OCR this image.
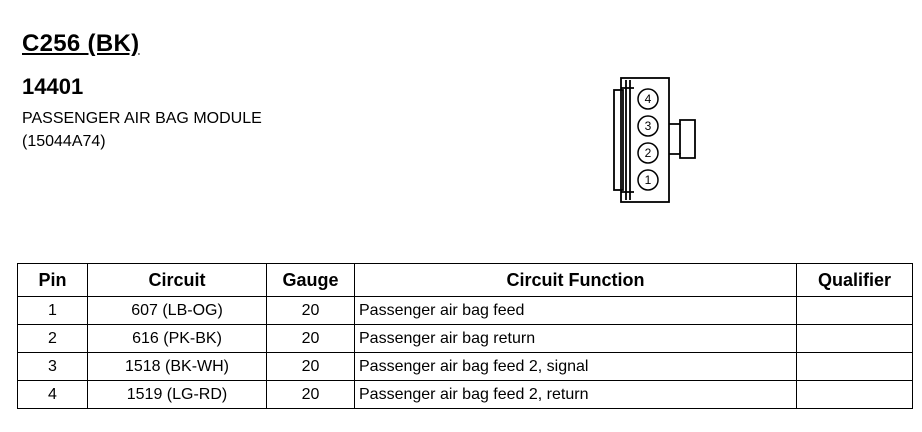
C256 (BK)
14401
PASSENGER AIR BAG MODULE
(15044A74)
4
3
2
1
Pin	Circuit	Gauge	Circuit Function	Qualifier
1	607 (LB-OG)	20	Passenger air bag feed	
2	616 (PK-BK)	20	Passenger air bag return	
3	1518 (BK-WH)	20	Passenger air bag feed 2, signal	
4	1519 (LG-RD)	20	Passenger air bag feed 2, return	
